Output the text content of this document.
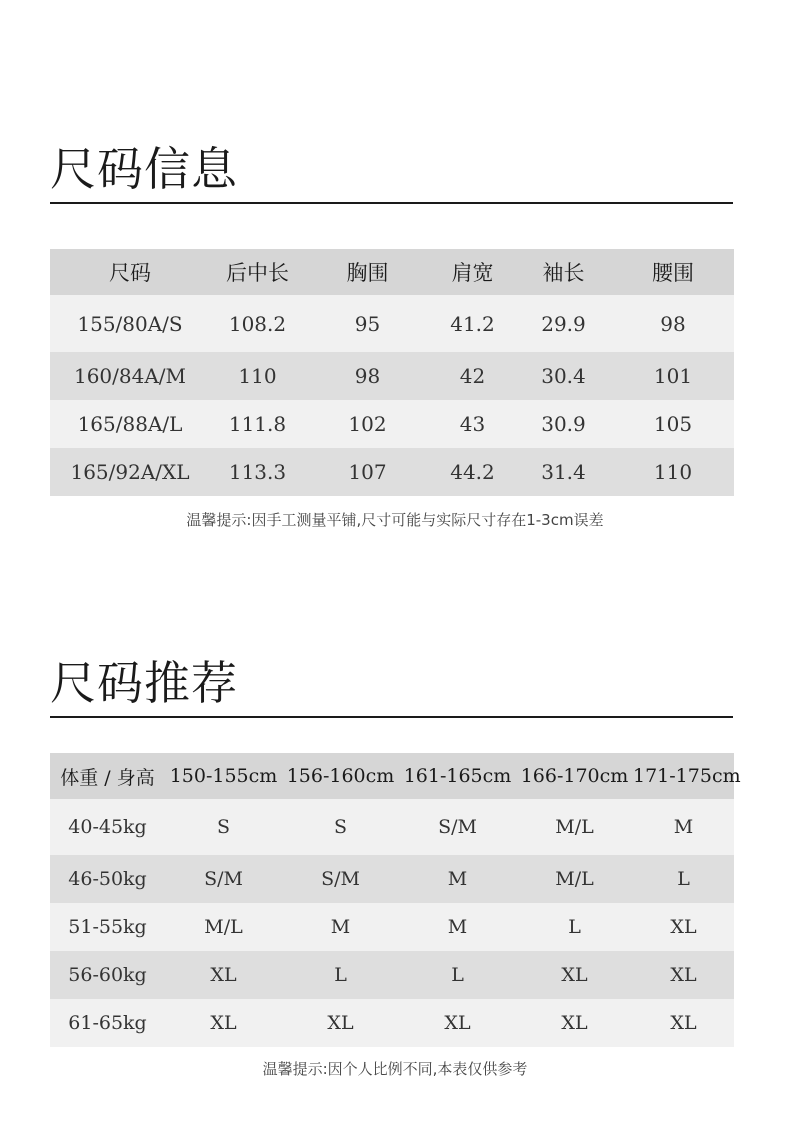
尺码信息
尺码	后中长	胸围	肩宽	袖长	腰围
155/80A/S	108.2	95	41.2	29.9	98
160/84A/M	110	98	42	30.4	101
165/88A/L	111.8	102	43	30.9	105
165/92A/XL	113.3	107	44.2	31.4	110
温馨提示:因手工测量平铺,尺寸可能与实际尺寸存在1-3cm误差
尺码推荐
体重 / 身高	150-155cm	156-160cm	161-165cm	166-170cm	171-175cm
40-45kg	S	S	S/M	M/L	M
46-50kg	S/M	S/M	M	M/L	L
51-55kg	M/L	M	M	L	XL
56-60kg	XL	L	L	XL	XL
61-65kg	XL	XL	XL	XL	XL
温馨提示:因个人比例不同,本表仅供参考
